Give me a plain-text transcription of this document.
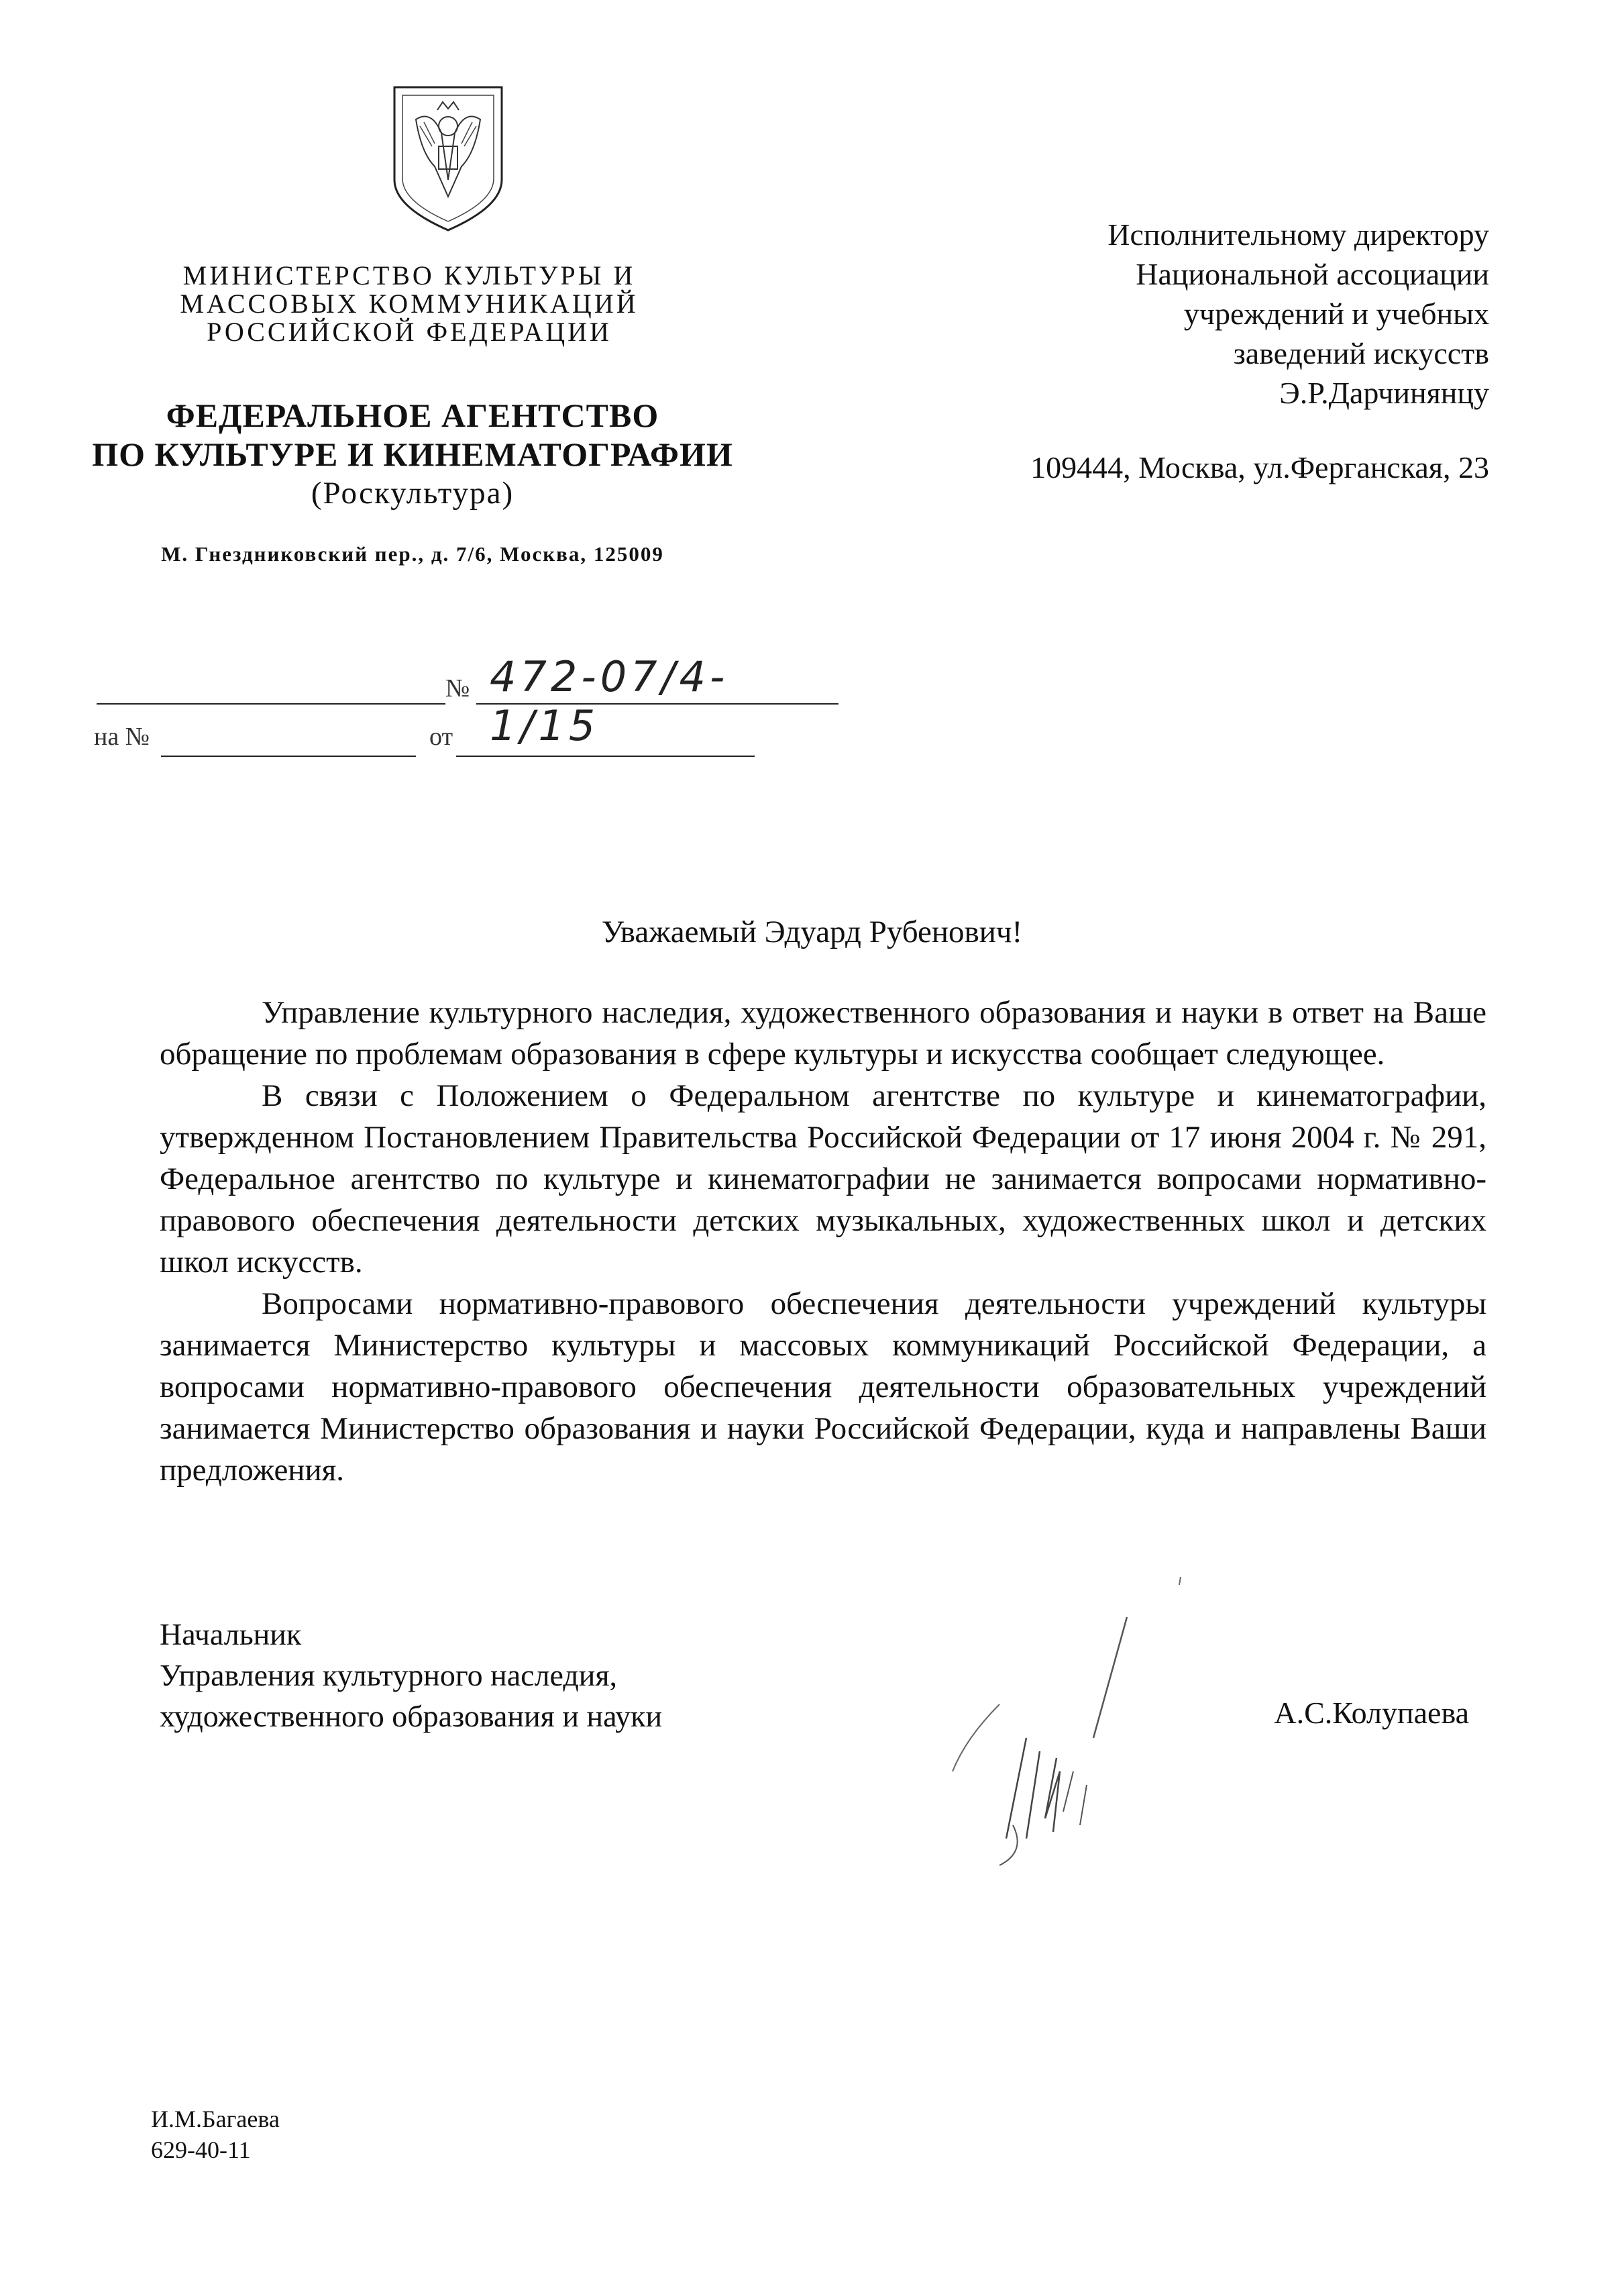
МИНИСТЕРСТВО КУЛЬТУРЫ И
МАССОВЫХ КОММУНИКАЦИЙ
РОССИЙСКОЙ ФЕДЕРАЦИИ
ФЕДЕРАЛЬНОЕ АГЕНТСТВО
ПО КУЛЬТУРЕ И КИНЕМАТОГРАФИИ
(Роскультура)
М. Гнездниковский пер., д. 7/6, Москва, 125009
Исполнительному директору
Национальной ассоциации
учреждений и учебных
заведений искусств
Э.Р.Дарчинянцу
109444, Москва, ул.Ферганская, 23
№ 472-07/4-1/15
на №	от
Уважаемый Эдуард Рубенович!

Управление культурного наследия, художественного образования и науки в ответ на Ваше обращение по проблемам образования в сфере культуры и искусства сообщает следующее.

В связи с Положением о Федеральном агентстве по культуре и кинематографии, утвержденном Постановлением Правительства Российской Федерации от 17 июня 2004 г. № 291, Федеральное агентство по культуре и кинематографии не занимается вопросами нормативно-правового обеспечения деятельности детских музыкальных, художественных школ и детских школ искусств.

Вопросами нормативно-правового обеспечения деятельности учреждений культуры занимается Министерство культуры и массовых коммуникаций Российской Федерации, а вопросами нормативно-правового обеспечения деятельности образовательных учреждений занимается Министерство образования и науки Российской Федерации, куда и направлены Ваши предложения.

Начальник
Управления культурного наследия,
художественного образования и науки	А.С.Колупаева
И.М.Багаева
629-40-11
